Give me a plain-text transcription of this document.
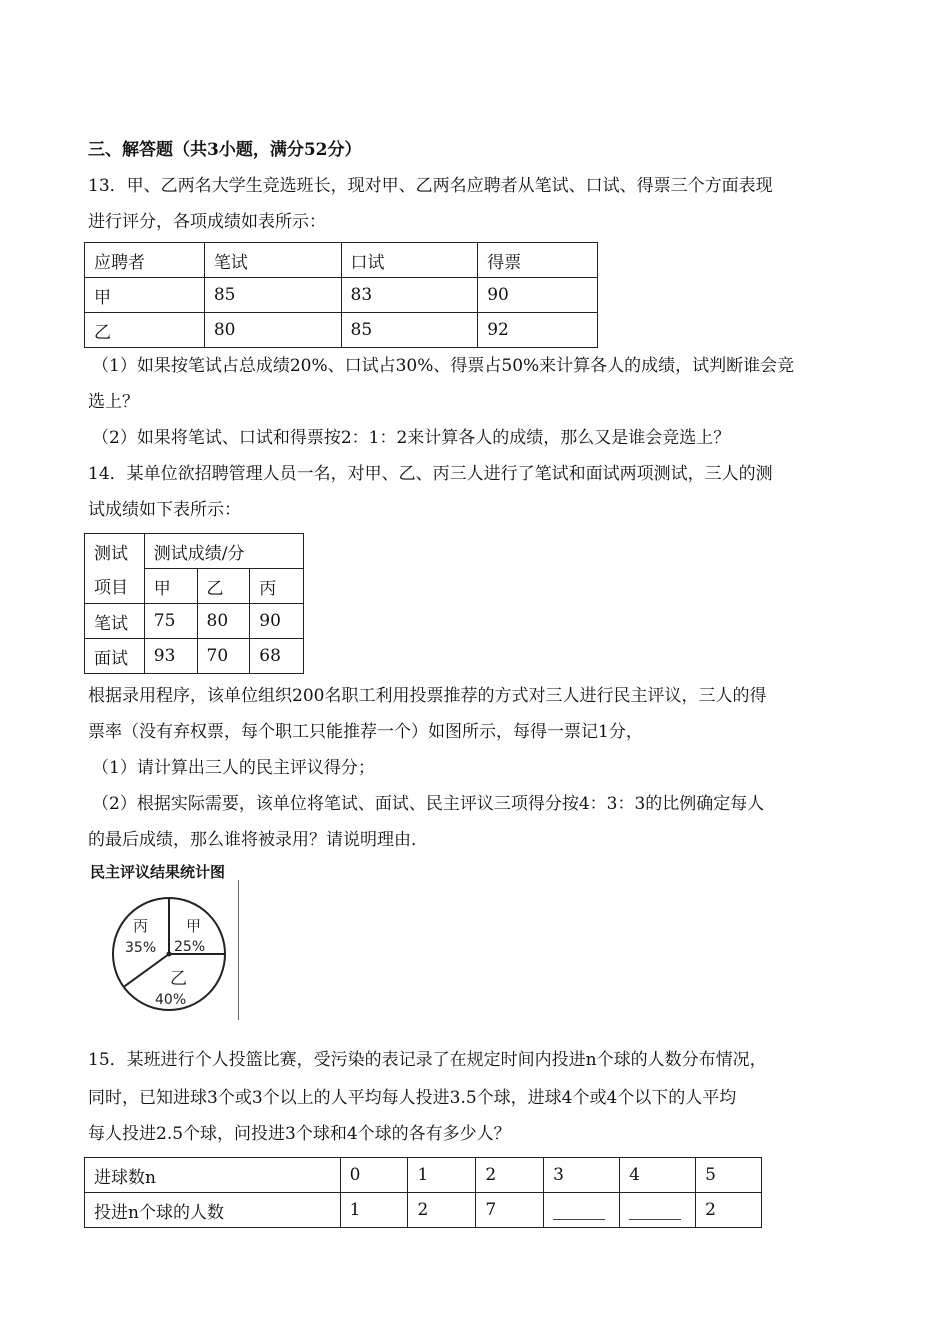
三、解答题（共3小题，满分52分）
13．甲、乙两名大学生竞选班长，现对甲、乙两名应聘者从笔试、口试、得票三个方面表现
进行评分，各项成绩如表所示：
应聘者	笔试	口试	得票
甲	85	83	90
乙	80	85	92
（1）如果按笔试占总成绩20%、口试占30%、得票占50%来计算各人的成绩，试判断谁会竞
选上？
（2）如果将笔试、口试和得票按2：1：2来计算各人的成绩，那么又是谁会竞选上？
14．某单位欲招聘管理人员一名，对甲、乙、丙三人进行了笔试和面试两项测试，三人的测
试成绩如下表所示：
测试	测试成绩/分		
项目	甲	乙	丙
笔试	75	80	90
面试	93	70	68
根据录用程序，该单位组织200名职工利用投票推荐的方式对三人进行民主评议，三人的得
票率（没有弃权票，每个职工只能推荐一个）如图所示，每得一票记1分，
（1）请计算出三人的民主评议得分；
（2）根据实际需要，该单位将笔试、面试、民主评议三项得分按4：3：3的比例确定每人
的最后成绩，那么谁将被录用？请说明理由．
民主评议结果统计图
甲
25%
丙
35%
乙
40%
15．某班进行个人投篮比赛，受污染的表记录了在规定时间内投进n个球的人数分布情况，
同时，已知进球3个或3个以上的人平均每人投进3.5个球，进球4个或4个以下的人平均
每人投进2.5个球，问投进3个球和4个球的各有多少人？
进球数n	0	1	2	3	4	5
投进n个球的人数	1	2	7			2
